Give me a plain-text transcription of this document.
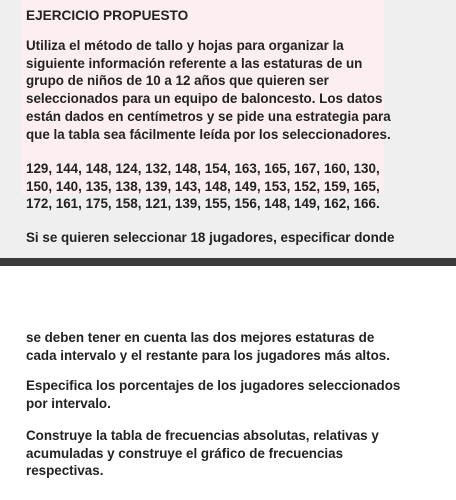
EJERCICIO PROPUESTO

Utiliza el método de tallo y hojas para organizar la
siguiente información referente a las estaturas de un
grupo de niños de 10 a 12 años que quieren ser
seleccionados para un equipo de baloncesto. Los datos
están dados en centímetros y se pide una estrategia para
que la tabla sea fácilmente leída por los seleccionadores.

129, 144, 148, 124, 132, 148, 154, 163, 165, 167, 160, 130,
150, 140, 135, 138, 139, 143, 148, 149, 153, 152, 159, 165,
172, 161, 175, 158, 121, 139, 155, 156, 148, 149, 162, 166.

Si se quieren seleccionar 18 jugadores, especificar donde

se deben tener en cuenta las dos mejores estaturas de
cada intervalo y el restante para los jugadores más altos.

Especifica los porcentajes de los jugadores seleccionados
por intervalo.

Construye la tabla de frecuencias absolutas, relativas y
acumuladas y construye el gráfico de frecuencias
respectivas.
